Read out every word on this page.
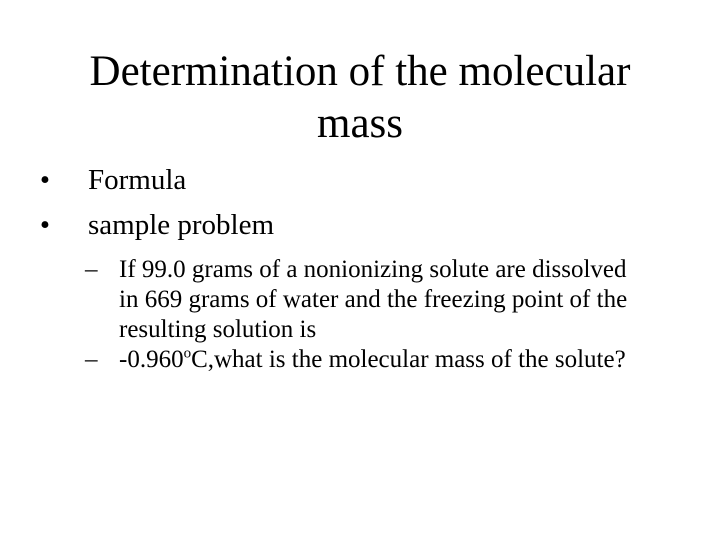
Determination of the molecular
mass
•	Formula
•	sample problem
– If 99.0 grams of a nonionizing solute are dissolved in 669 grams of water and the freezing point of the resulting solution is
– -0.960$^o$C,what is the molecular mass of the solute?
